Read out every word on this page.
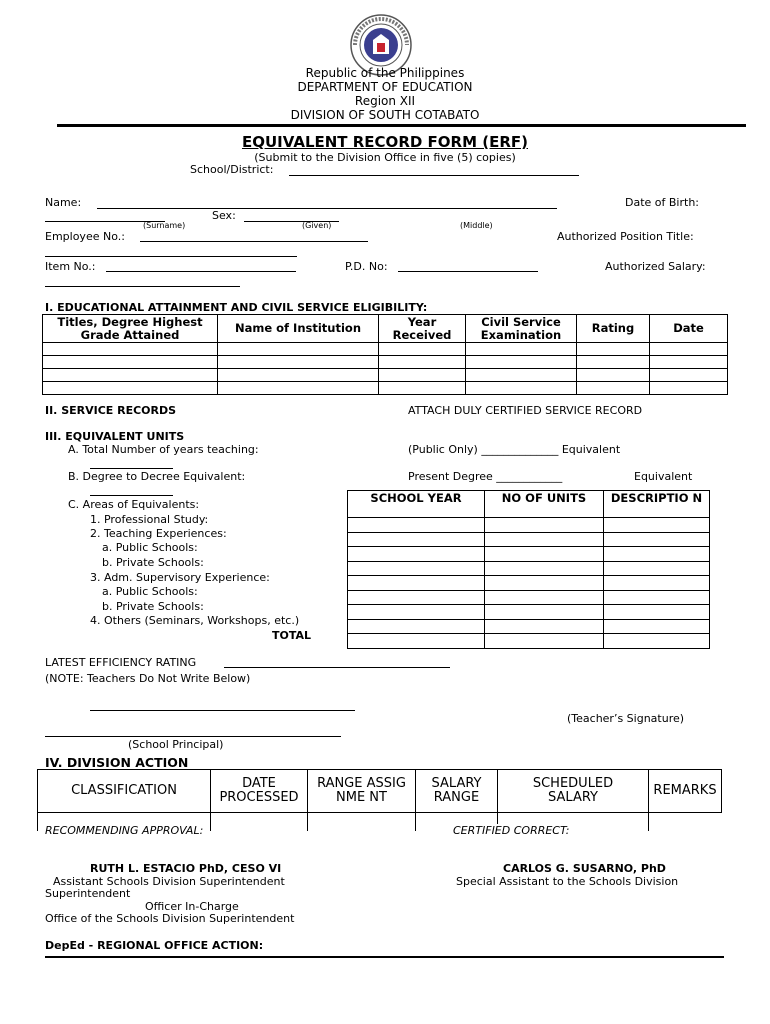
Republic of the Philippines
DEPARTMENT OF EDUCATION
Region XII
DIVISION OF SOUTH COTABATO
EQUIVALENT RECORD FORM (ERF)
(Submit to the Division Office in five (5) copies)
School/District:
Name:	Date of Birth:
Sex:
(Surname)	(Given)	(Middle)
Employee No.:	Authorized Position Title:
Item No.:	P.D. No:	Authorized Salary:
I. EDUCATIONAL ATTAINMENT AND CIVIL SERVICE ELIGIBILITY:
Titles, Degree Highest Grade Attained	Name of Institution	Year Received	Civil Service Examination	Rating	Date

II. SERVICE RECORDS	ATTACH DULY CERTIFIED SERVICE RECORD
III. EQUIVALENT UNITS
A. Total Number of years teaching:	(Public Only) ______________ Equivalent
B. Degree to Decree Equivalent:	Present Degree ____________	Equivalent
C. Areas of Equivalents:
1. Professional Study:
2. Teaching Experiences:
a. Public Schools:
b. Private Schools:
3. Adm. Supervisory Experience:
a. Public Schools:
b. Private Schools:
4. Others (Seminars, Workshops, etc.)
TOTAL
SCHOOL YEAR	NO OF UNITS	DESCRIPTIO N

LATEST EFFICIENCY RATING
(NOTE: Teachers Do Not Write Below)
(Teacher’s Signature)
(School Principal)
IV. DIVISION ACTION
CLASSIFICATION	DATE PROCESSED	RANGE ASSIGNME NT	SALARY RANGE	SCHEDULED SALARY	REMARKS

RECOMMENDING APPROVAL:	CERTIFIED CORRECT:
RUTH L. ESTACIO PhD, CESO VI
Assistant Schools Division Superintendent
Superintendent
Officer In-Charge
Office of the Schools Division Superintendent
CARLOS G. SUSARNO, PhD
Special Assistant to the Schools Division
DepEd - REGIONAL OFFICE ACTION:
